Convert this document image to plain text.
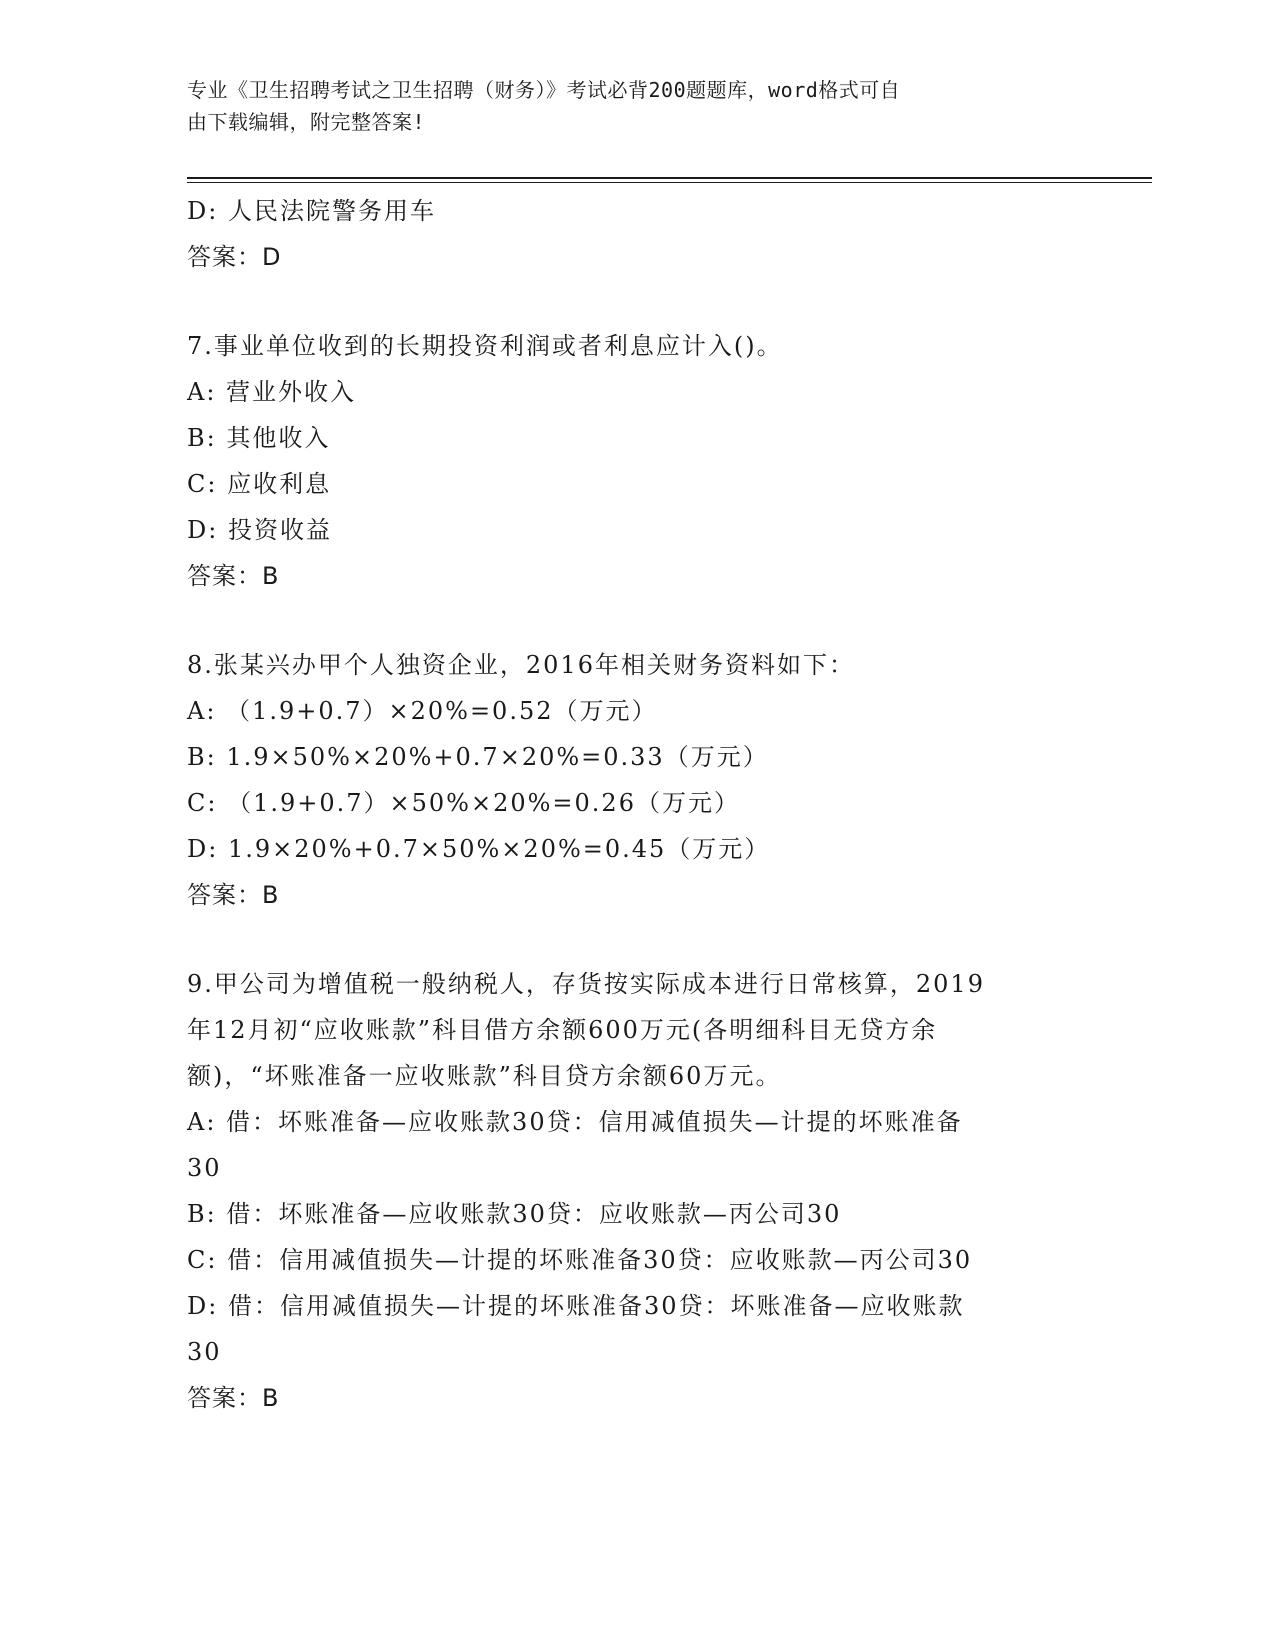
专业《卫生招聘考试之卫生招聘（财务）》考试必背200题题库，word格式可自
由下载编辑，附完整答案!
D: 人民法院警务用车
答案：D
7.事业单位收到的长期投资利润或者利息应计入()。
A: 营业外收入
B: 其他收入
C: 应收利息
D: 投资收益
答案：B
8.张某兴办甲个人独资企业，2016年相关财务资料如下：
A: （1.9+0.7）×20%=0.52（万元）
B: 1.9×50%×20%+0.7×20%=0.33（万元）
C: （1.9+0.7）×50%×20%=0.26（万元）
D: 1.9×20%+0.7×50%×20%=0.45（万元）
答案：B
9.甲公司为增值税一般纳税人，存货按实际成本进行日常核算，2019
年12月初“应收账款”科目借方余额600万元(各明细科目无贷方余
额)，“坏账准备一应收账款”科目贷方余额60万元。
A: 借：坏账准备—应收账款30贷：信用减值损失—计提的坏账准备
30
B: 借：坏账准备—应收账款30贷：应收账款—丙公司30
C: 借：信用减值损失—计提的坏账准备30贷：应收账款—丙公司30
D: 借：信用减值损失—计提的坏账准备30贷：坏账准备—应收账款
30
答案：B
